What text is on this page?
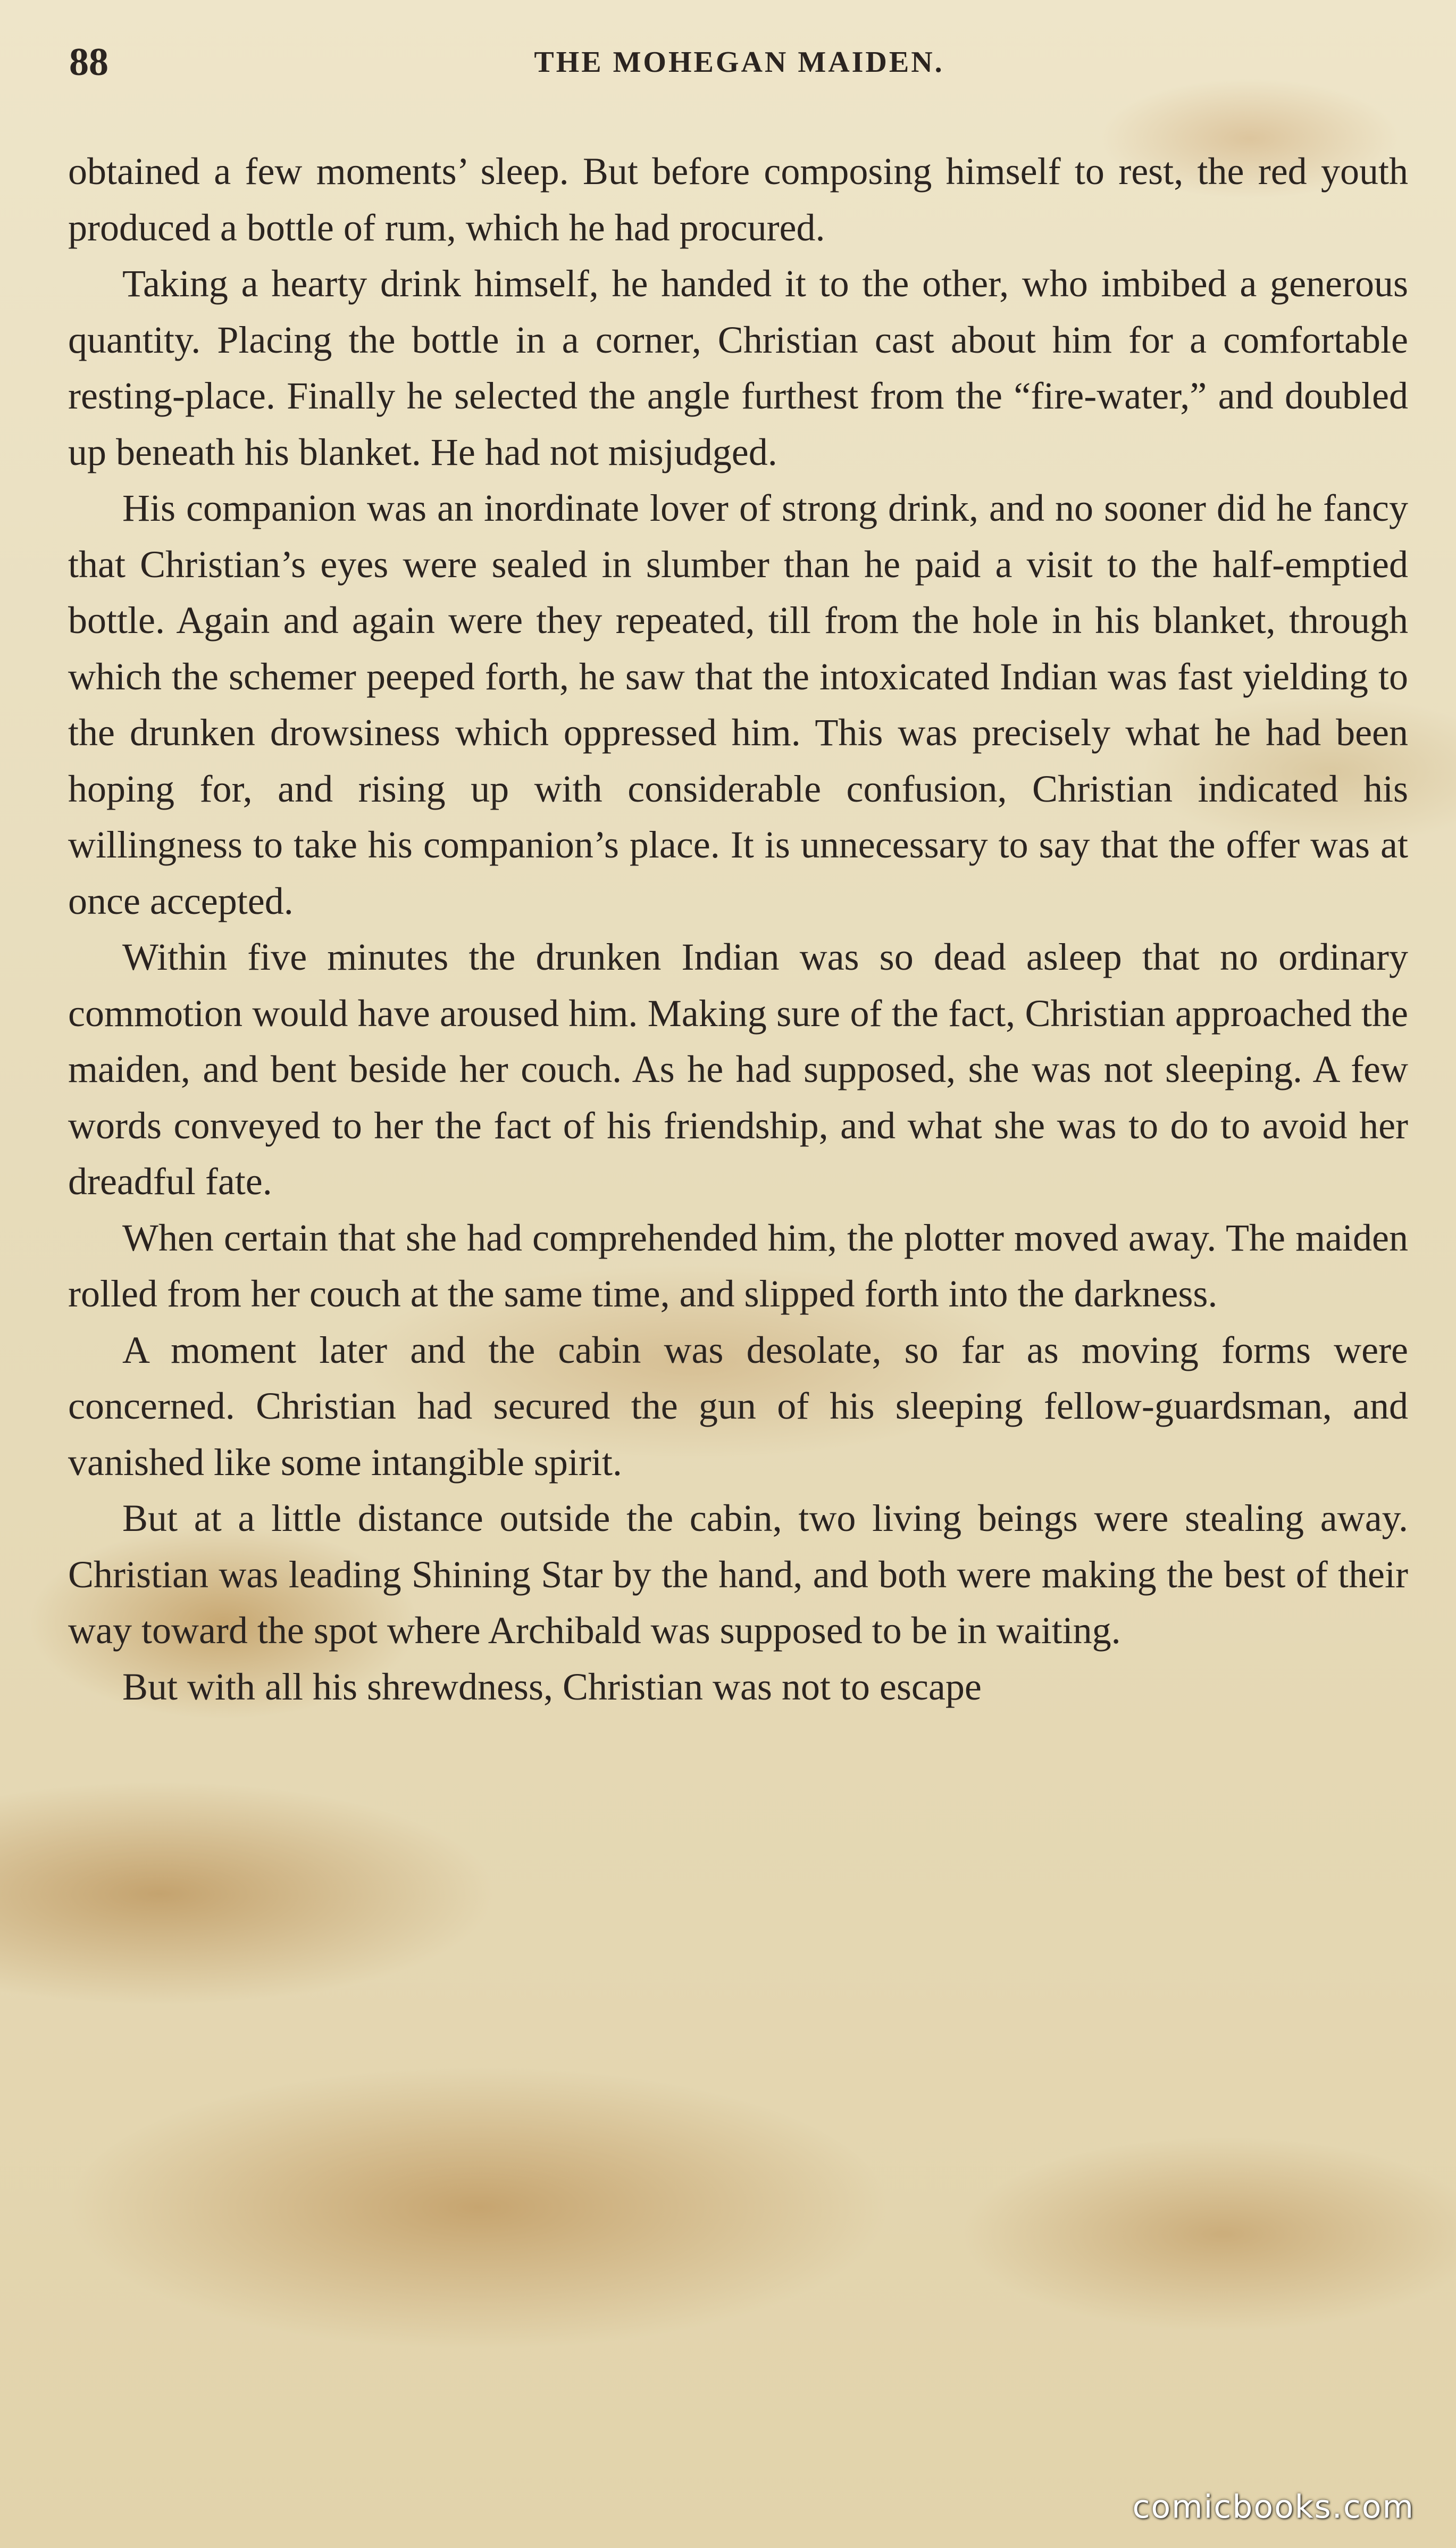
88	THE MOHEGAN MAIDEN.

obtained a few moments’ sleep. But before composing himself to rest, the red youth produced a bottle of rum, which he had procured.

Taking a hearty drink himself, he handed it to the other, who imbibed a generous quantity. Placing the bottle in a corner, Christian cast about him for a comfortable resting-place. Finally he selected the angle furthest from the “fire-water,” and doubled up beneath his blanket. He had not misjudged.

His companion was an inordinate lover of strong drink, and no sooner did he fancy that Christian’s eyes were sealed in slumber than he paid a visit to the half-emptied bottle. Again and again were they repeated, till from the hole in his blanket, through which the schemer peeped forth, he saw that the intoxicated Indian was fast yielding to the drunken drowsiness which oppressed him. This was precisely what he had been hoping for, and rising up with considerable confusion, Christian indicated his willingness to take his companion’s place. It is unnecessary to say that the offer was at once accepted.

Within five minutes the drunken Indian was so dead asleep that no ordinary commotion would have aroused him. Making sure of the fact, Christian approached the maiden, and bent beside her couch. As he had supposed, she was not sleeping. A few words conveyed to her the fact of his friendship, and what she was to do to avoid her dreadful fate.

When certain that she had comprehended him, the plotter moved away. The maiden rolled from her couch at the same time, and slipped forth into the darkness.

A moment later and the cabin was desolate, so far as moving forms were concerned. Christian had secured the gun of his sleeping fellow-guardsman, and vanished like some intangible spirit.

But at a little distance outside the cabin, two living beings were stealing away. Christian was leading Shining Star by the hand, and both were making the best of their way toward the spot where Archibald was supposed to be in waiting.

But with all his shrewdness, Christian was not to escape

comicbooks.com
